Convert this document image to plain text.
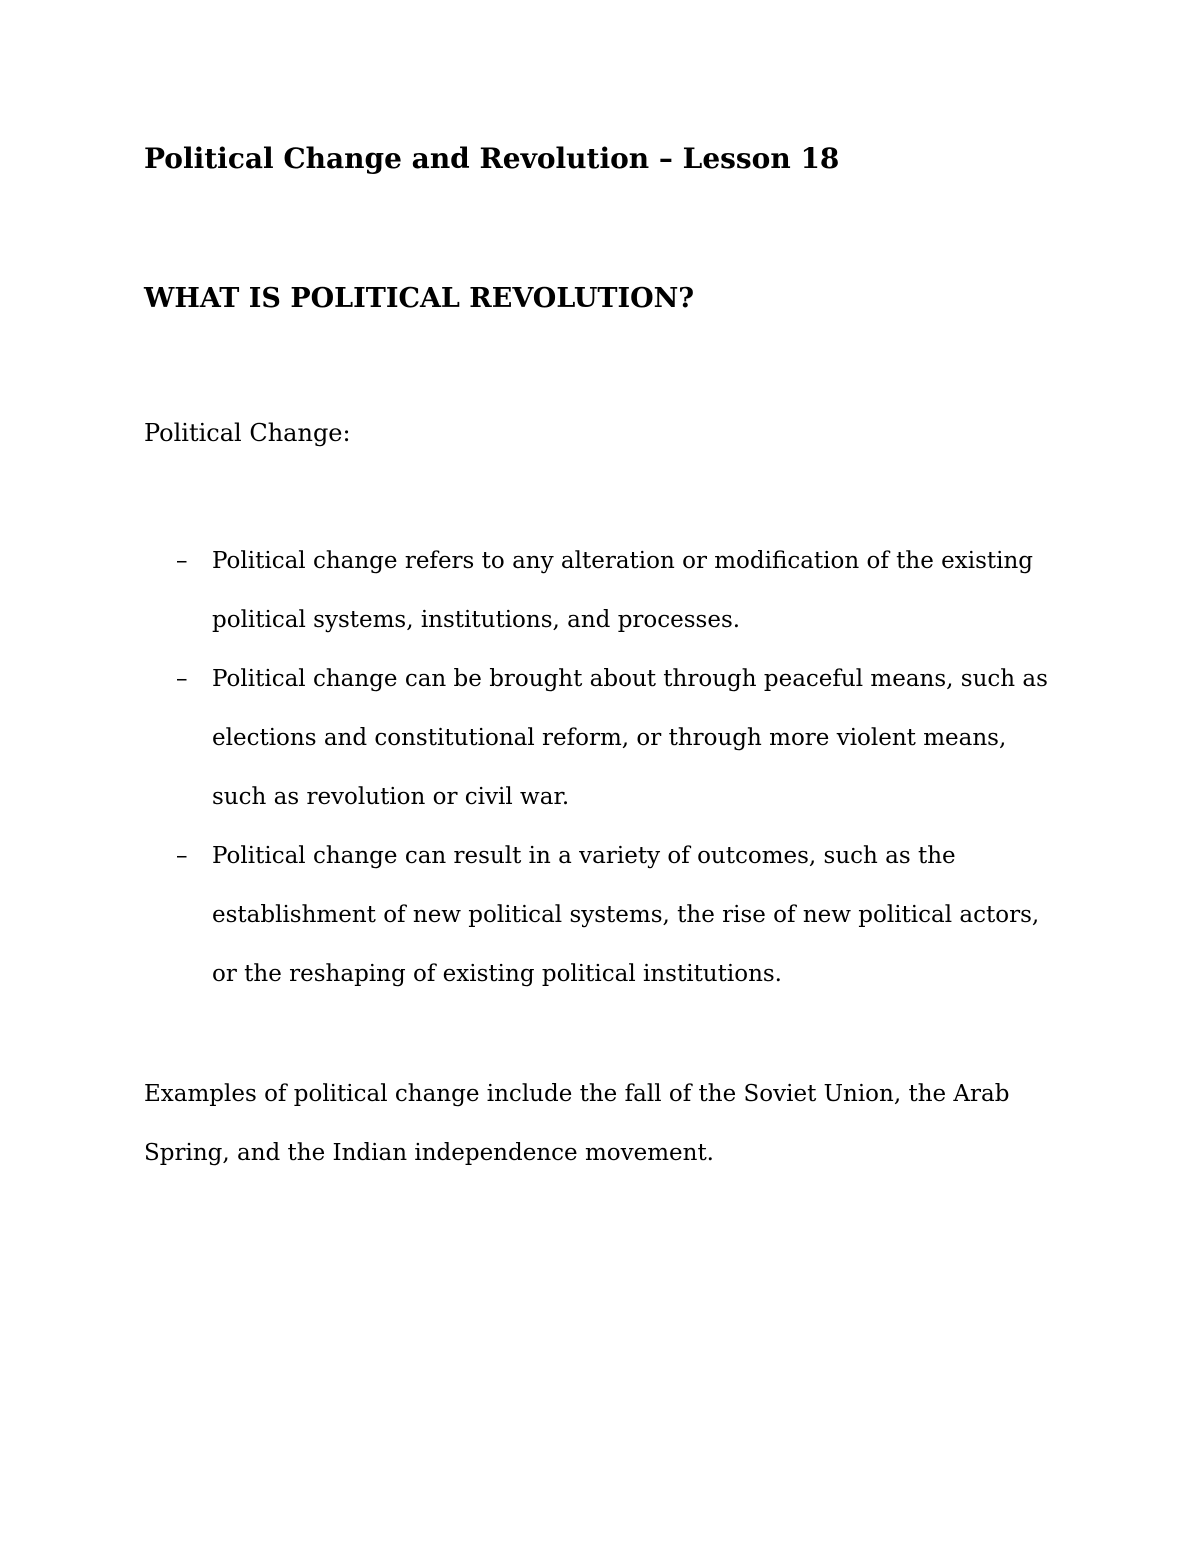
Political Change and Revolution – Lesson 18
WHAT IS POLITICAL REVOLUTION?

Political Change:

– Political change refers to any alteration or modification of the existing political systems, institutions, and processes.
– Political change can be brought about through peaceful means, such as elections and constitutional reform, or through more violent means, such as revolution or civil war.
– Political change can result in a variety of outcomes, such as the establishment of new political systems, the rise of new political actors, or the reshaping of existing political institutions.

Examples of political change include the fall of the Soviet Union, the Arab Spring, and the Indian independence movement.
